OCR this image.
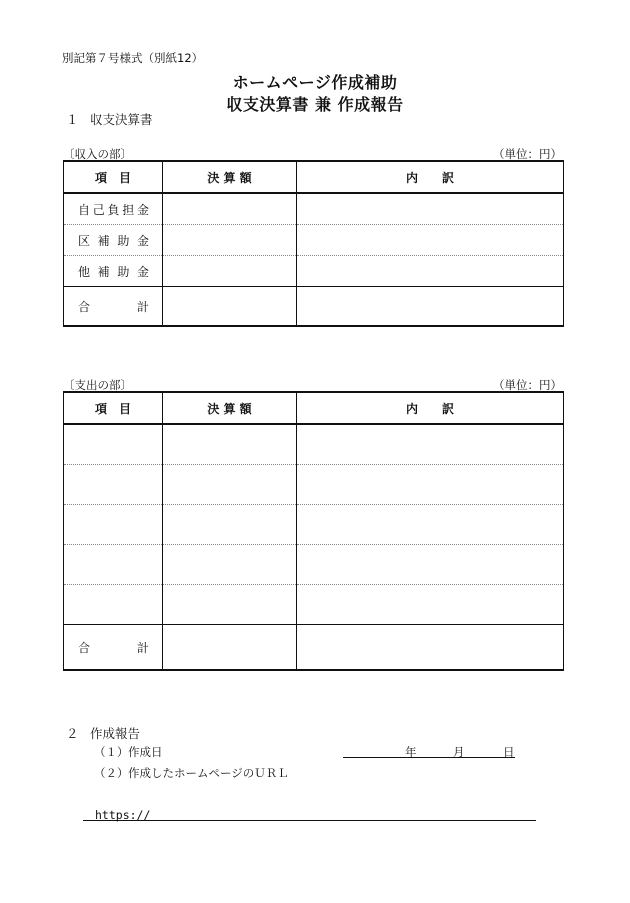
別記第７号様式（別紙12）
ホームページ作成補助
収支決算書 兼 作成報告
１ 収支決算書
〔収入の部〕	（単位：円）
項　目	決 算 額	内　　訳

自 己 負 担 金		

区 補 助 金		

他 補 助 金		

合 計		

〔支出の部〕	（単位：円）
項　目	決 算 額	内　　訳

合 計		

２ 作成報告
（１） 作成日	年	月	日
（２） 作成したホームページのＵＲＬ
https://
